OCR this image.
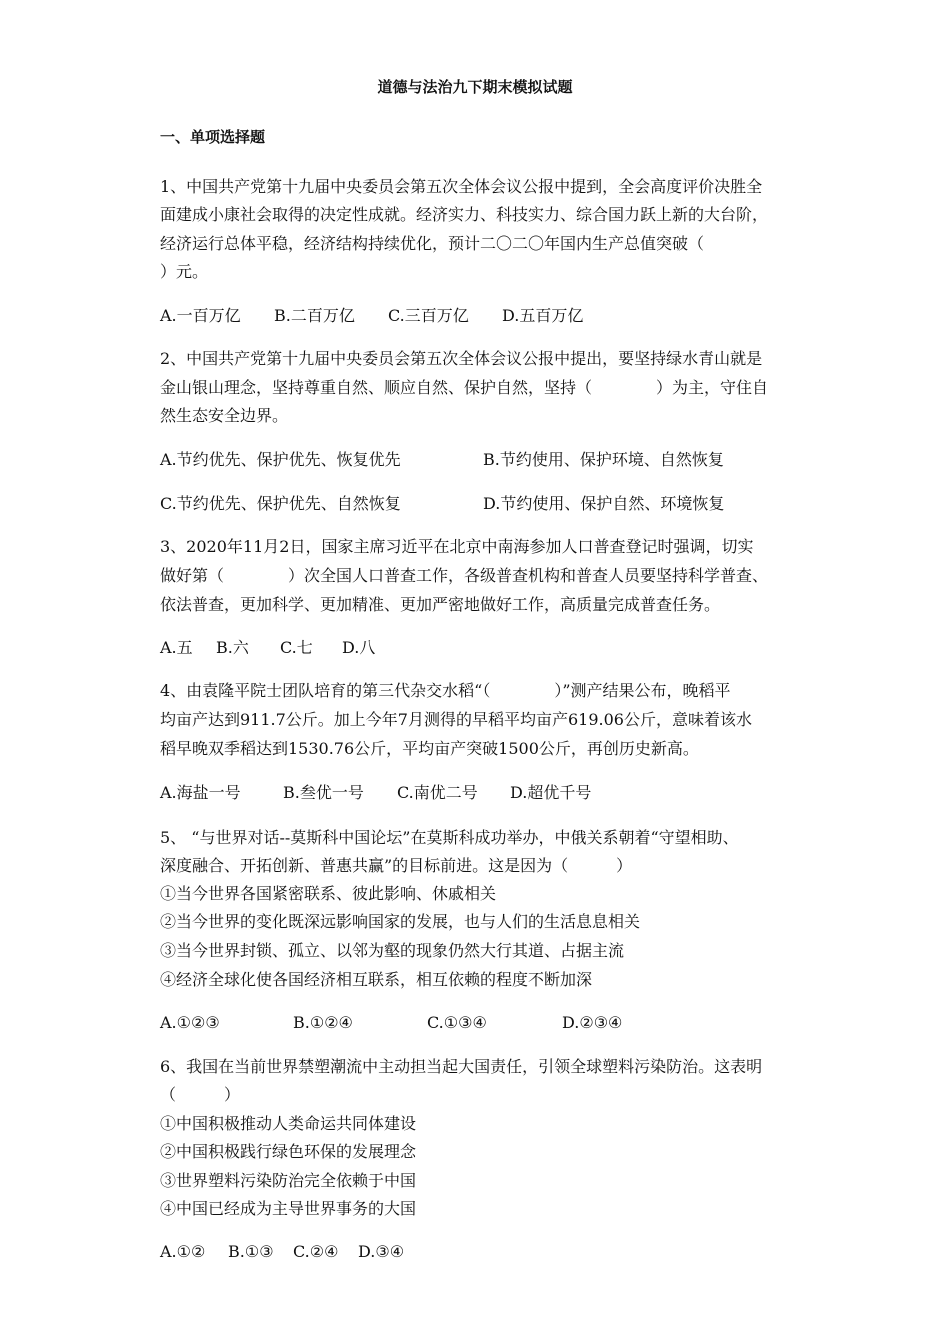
道德与法治九下期末模拟试题
一、单项选择题
1、中国共产党第十九届中央委员会第五次全体会议公报中提到，全会高度评价决胜全
面建成小康社会取得的决定性成就。经济实力、科技实力、综合国力跃上新的大台阶，
经济运行总体平稳，经济结构持续优化，预计二〇二〇年国内生产总值突破（
）元。
A.一百万亿 B.二百万亿 C.三百万亿 D.五百万亿
2、中国共产党第十九届中央委员会第五次全体会议公报中提出，要坚持绿水青山就是
金山银山理念，坚持尊重自然、顺应自然、保护自然，坚持（　　　　）为主，守住自
然生态安全边界。
A.节约优先、保护优先、恢复优先	B.节约使用、保护环境、自然恢复
C.节约优先、保护优先、自然恢复	D.节约使用、保护自然、环境恢复
3、2020年11月2日，国家主席习近平在北京中南海参加人口普查登记时强调，切实
做好第（　　　　）次全国人口普查工作，各级普查机构和普查人员要坚持科学普查、
依法普查，更加科学、更加精准、更加严密地做好工作，高质量完成普查任务。
A.五 B.六 C.七 D.八
4、由袁隆平院士团队培育的第三代杂交水稻“（　　　　）”测产结果公布，晚稻平
均亩产达到911.7公斤。加上今年7月测得的早稻平均亩产619.06公斤，意味着该水
稻早晚双季稻达到1530.76公斤，平均亩产突破1500公斤，再创历史新高。
A.海盐一号	B.叁优一号 C.南优二号 D.超优千号
5、 “与世界对话--莫斯科中国论坛”在莫斯科成功举办，中俄关系朝着“守望相助、
深度融合、开拓创新、普惠共赢”的目标前进。这是因为（　　　）
①当今世界各国紧密联系、彼此影响、休戚相关
②当今世界的变化既深远影响国家的发展，也与人们的生活息息相关
③当今世界封锁、孤立、以邻为壑的现象仍然大行其道、占据主流
④经济全球化使各国经济相互联系，相互依赖的程度不断加深
A.①②③	B.①②④	C.①③④	D.②③④
6、我国在当前世界禁塑潮流中主动担当起大国责任，引领全球塑料污染防治。这表明
（　　　）
①中国积极推动人类命运共同体建设
②中国积极践行绿色环保的发展理念
③世界塑料污染防治完全依赖于中国
④中国已经成为主导世界事务的大国
A.①② B.①③ C.②④ D.③④
